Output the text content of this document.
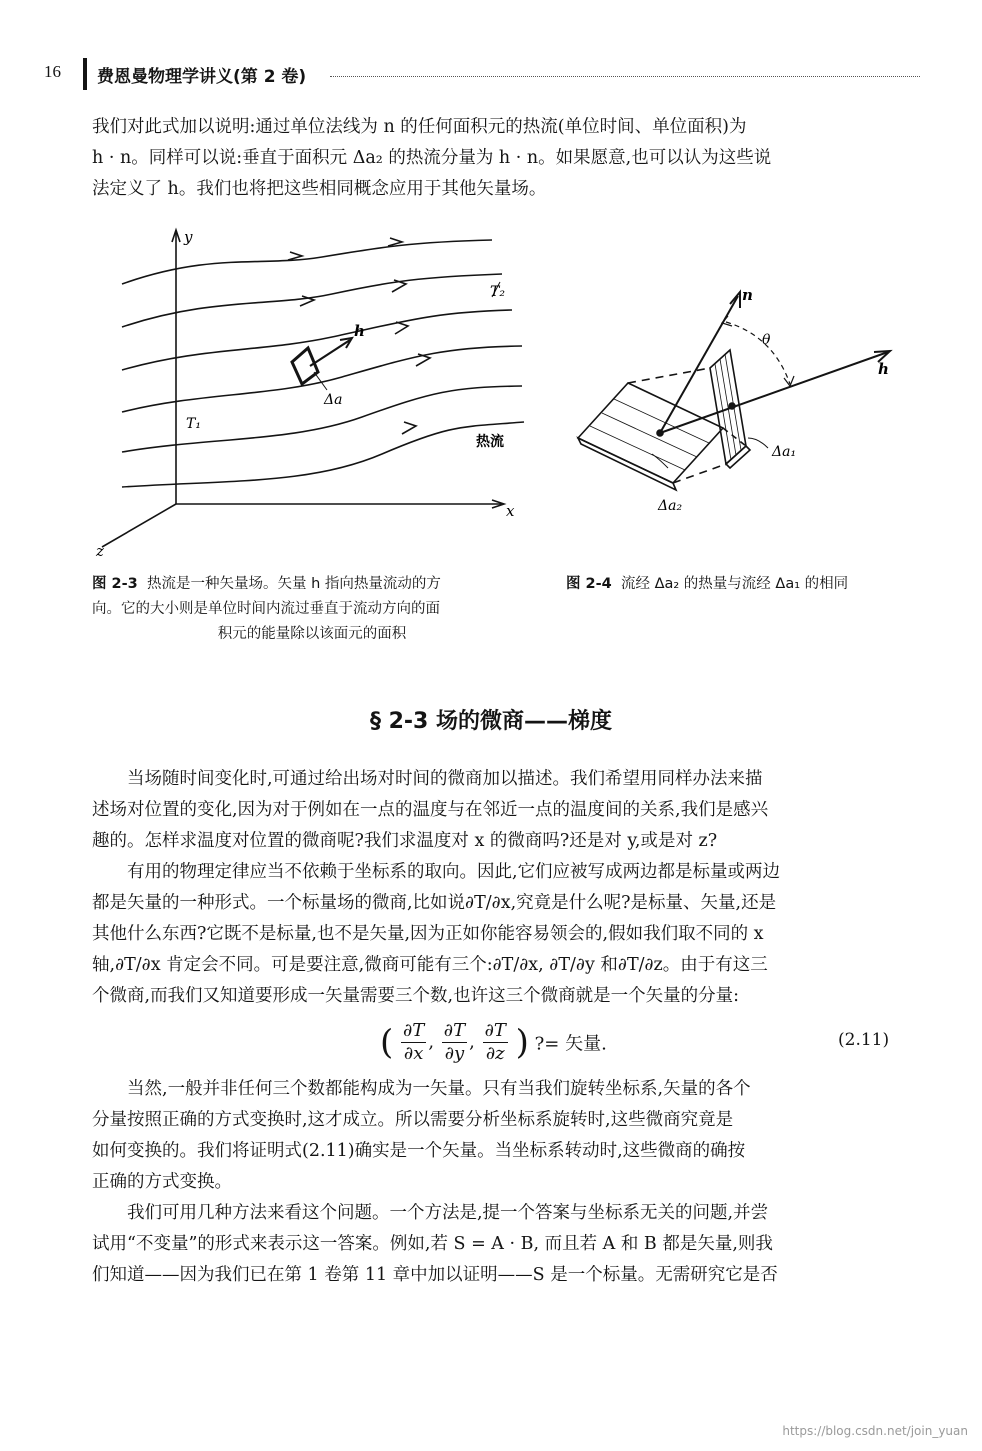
16 费恩曼物理学讲义(第 2 卷)
我们对此式加以说明:通过单位法线为 n 的任何面积元的热流(单位时间、单位面积)为
h · n。同样可以说:垂直于面积元 Δa₂ 的热流分量为 h · n。如果愿意,也可以认为这些说
法定义了 h。我们也将把这些相同概念应用于其他矢量场。
y
x
z
h
Δa
T₁
T₂
热流
图 2-3 热流是一种矢量场。矢量 h 指向热量流动的方
向。它的大小则是单位时间内流过垂直于流动方向的面
积元的能量除以该面元的面积
n
θ
h
Δa₁
Δa₂
图 2-4 流经 Δa₂ 的热量与流经 Δa₁ 的相同
§ 2-3 场的微商——梯度
当场随时间变化时,可通过给出场对时间的微商加以描述。我们希望用同样办法来描
述场对位置的变化,因为对于例如在一点的温度与在邻近一点的温度间的关系,我们是感兴
趣的。怎样求温度对位置的微商呢?我们求温度对 x 的微商吗?还是对 y,或是对 z?
有用的物理定律应当不依赖于坐标系的取向。因此,它们应被写成两边都是标量或两边
都是矢量的一种形式。一个标量场的微商,比如说∂T/∂x,究竟是什么呢?是标量、矢量,还是
其他什么东西?它既不是标量,也不是矢量,因为正如你能容易领会的,假如我们取不同的 x
轴,∂T/∂x 肯定会不同。可是要注意,微商可能有三个:∂T/∂x, ∂T/∂y 和∂T/∂z。由于有这三
个微商,而我们又知道要形成一矢量需要三个数,也许这三个微商就是一个矢量的分量:
( $\frac{\partial T}{\partial x}$ , $\frac{\partial T}{\partial y}$ , $\frac{\partial T}{\partial z}$ ) ?= 矢量.	(2.11)
当然,一般并非任何三个数都能构成为一矢量。只有当我们旋转坐标系,矢量的各个
分量按照正确的方式变换时,这才成立。所以需要分析坐标系旋转时,这些微商究竟是
如何变换的。我们将证明式(2.11)确实是一个矢量。当坐标系转动时,这些微商的确按
正确的方式变换。
我们可用几种方法来看这个问题。一个方法是,提一个答案与坐标系无关的问题,并尝
试用“不变量”的形式来表示这一答案。例如,若 S = A · B, 而且若 A 和 B 都是矢量,则我
们知道——因为我们已在第 1 卷第 11 章中加以证明——S 是一个标量。无需研究它是否
https://blog.csdn.net/join_yuan
